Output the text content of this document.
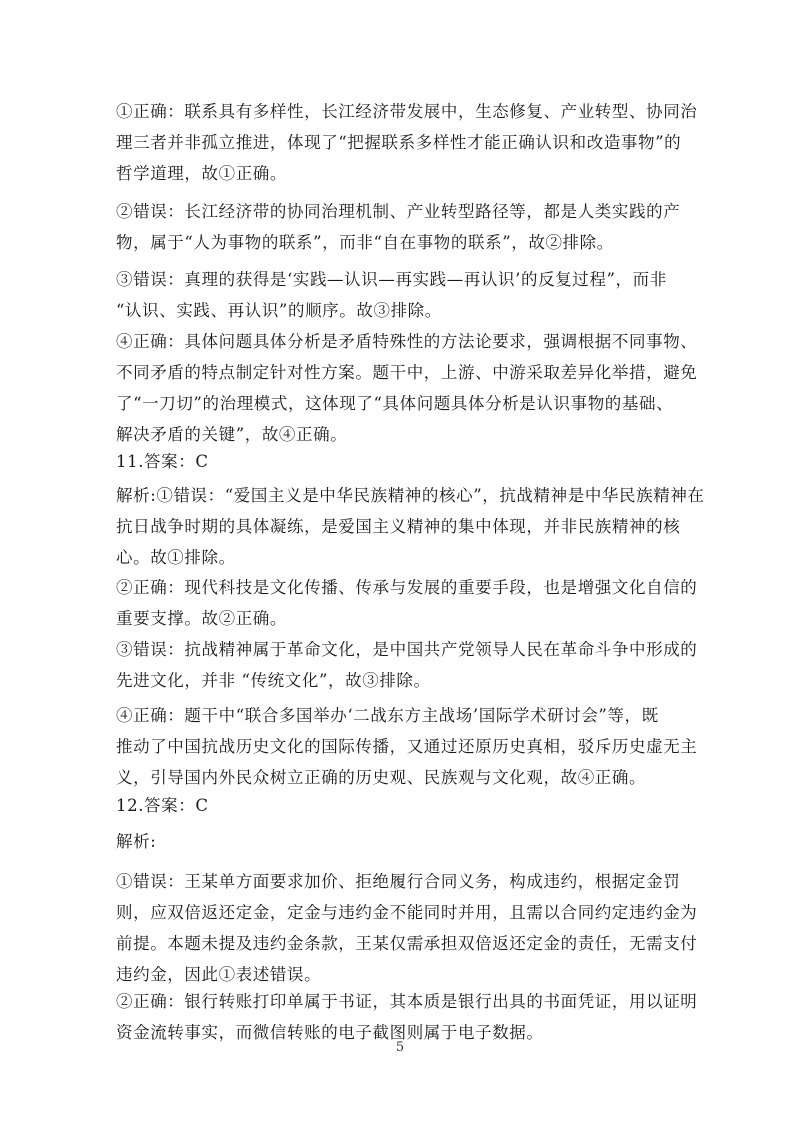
①正确：联系具有多样性，长江经济带发展中，生态修复、产业转型、协同治
理三者并非孤立推进，体现了“把握联系多样性才能正确认识和改造事物”的
哲学道理，故①正确。
②错误：长江经济带的协同治理机制、产业转型路径等，都是人类实践的产
物，属于“人为事物的联系”，而非“自在事物的联系”，故②排除。
③错误：真理的获得是‘实践—认识—再实践—再认识’的反复过程”，而非
“认识、实践、再认识”的顺序。故③排除。
④正确：具体问题具体分析是矛盾特殊性的方法论要求，强调根据不同事物、
不同矛盾的特点制定针对性方案。题干中，上游、中游采取差异化举措，避免
了“一刀切”的治理模式，这体现了“具体问题具体分析是认识事物的基础、
解决矛盾的关键”，故④正确。
11.答案：C
解析:①错误：“爱国主义是中华民族精神的核心”，抗战精神是中华民族精神在
抗日战争时期的具体凝练，是爱国主义精神的集中体现，并非民族精神的核
心。故①排除。
②正确：现代科技是文化传播、传承与发展的重要手段，也是增强文化自信的
重要支撑。故②正确。
③错误：抗战精神属于革命文化，是中国共产党领导人民在革命斗争中形成的
先进文化，并非 “传统文化”，故③排除。
④正确：题干中“联合多国举办‘二战东方主战场’国际学术研讨会”等，既
推动了中国抗战历史文化的国际传播，又通过还原历史真相，驳斥历史虚无主
义，引导国内外民众树立正确的历史观、民族观与文化观，故④正确。
12.答案：C
解析:
①错误：王某单方面要求加价、拒绝履行合同义务，构成违约，根据定金罚
则，应双倍返还定金，定金与违约金不能同时并用，且需以合同约定违约金为
前提。本题未提及违约金条款，王某仅需承担双倍返还定金的责任，无需支付
违约金，因此①表述错误。
②正确：银行转账打印单属于书证，其本质是银行出具的书面凭证，用以证明
资金流转事实，而微信转账的电子截图则属于电子数据。
5
